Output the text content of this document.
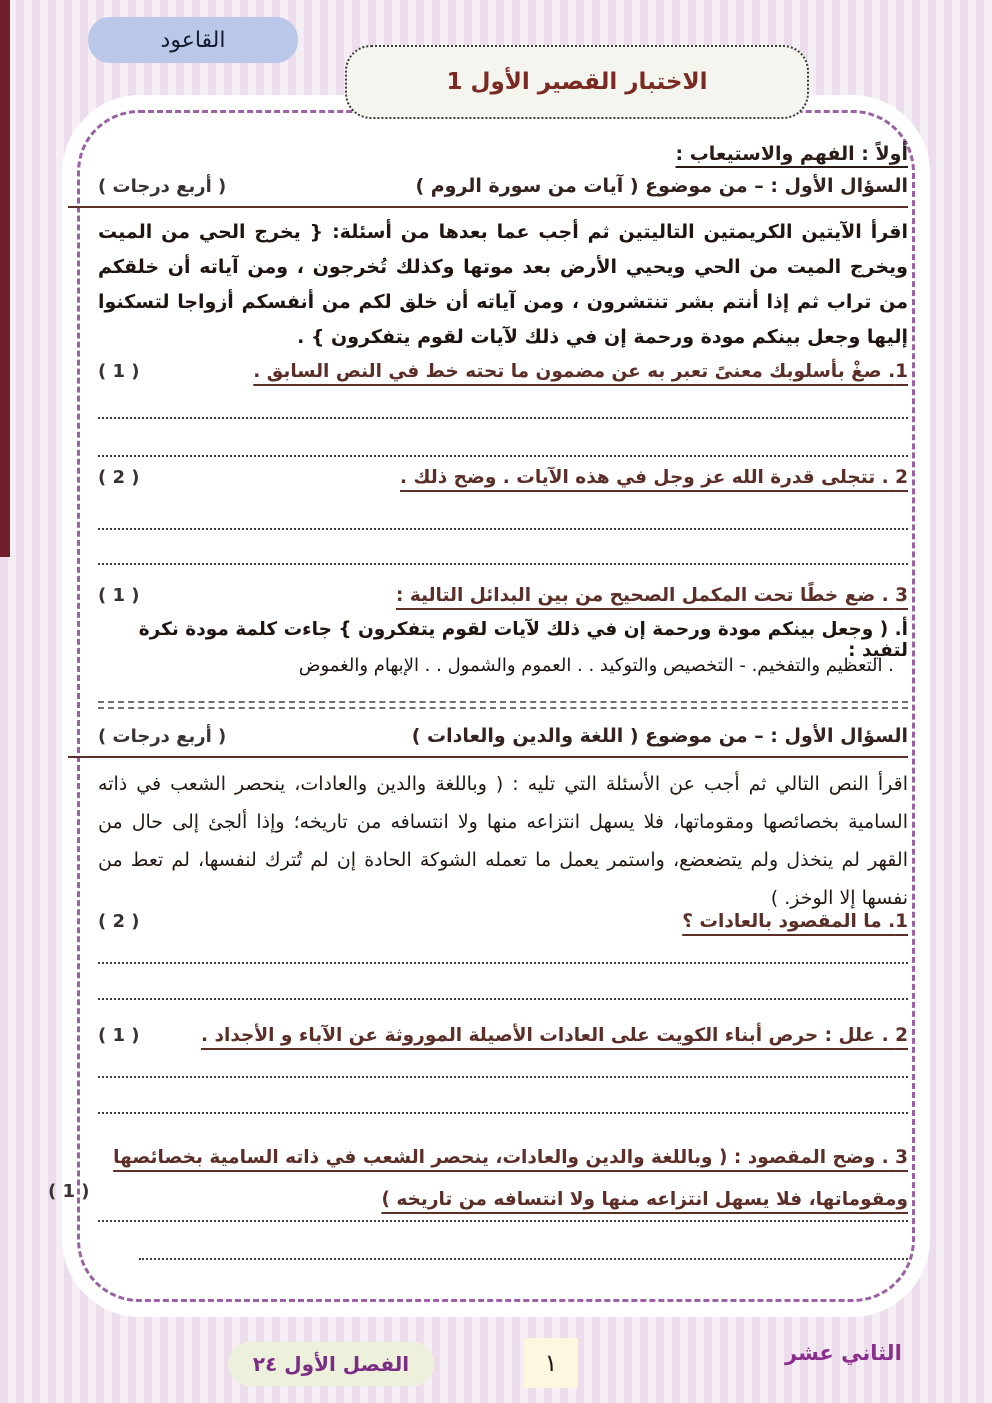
القاعود
الاختبار القصير الأول 1
أولاً : الفهم والاستيعاب :
السؤال الأول : – من موضوع ( آيات من سورة الروم )
( أربع درجات )
اقرأ الآيتين الكريمتين التاليتين ثم أجب عما بعدها من أسئلة: { يخرج الحي من الميت ويخرج الميت من الحي ويحيي الأرض بعد موتها وكذلك تُخرجون ، ومن آياته أن خلقكم من تراب ثم إذا أنتم بشر تنتشرون ، ومن آياته أن خلق لكم من أنفسكم أزواجا لتسكنوا إليها وجعل بينكم مودة ورحمة إن في ذلك لآيات لقوم يتفكرون } .
1. صغْ بأسلوبك معنىً تعبر به عن مضمون ما تحته خط في النص السابق .
( 1 )
2 . تتجلى قدرة الله عز وجل في هذه الآيات . وضح ذلك .
( 2 )
3 . ضع خطًا تحت المكمل الصحيح من بين البدائل التالية :
( 1 )
أ. ( وجعل بينكم مودة ورحمة إن في ذلك لآيات لقوم يتفكرون } جاءت كلمة مودة نكرة لتفيد :
. التعظيم والتفخيم. - التخصيص والتوكيد . . العموم والشمول . . الإبهام والغموض
السؤال الأول : – من موضوع ( اللغة والدين والعادات )
( أربع درجات )
اقرأ النص التالي ثم أجب عن الأسئلة التي تليه : ( وباللغة والدين والعادات، ينحصر الشعب في ذاته السامية بخصائصها ومقوماتها، فلا يسهل انتزاعه منها ولا انتسافه من تاريخه؛ وإذا ألجئ إلى حال من القهر لم ينخذل ولم يتضعضع، واستمر يعمل ما تعمله الشوكة الحادة إن لم تُترك لنفسها، لم تعط من نفسها إلا الوخز. )
1. ما المقصود بالعادات ؟
( 2 )
2 . علل : حرص أبناء الكويت على العادات الأصيلة الموروثة عن الآباء و الأجداد .
( 1 )
3 . وضح المقصود : ( وباللغة والدين والعادات، ينحصر الشعب في ذاته السامية بخصائصها ومقوماتها، فلا يسهل انتزاعه منها ولا انتسافه من تاريخه )
( 1 )
الثاني عشر
١
الفصل الأول ٢٤
